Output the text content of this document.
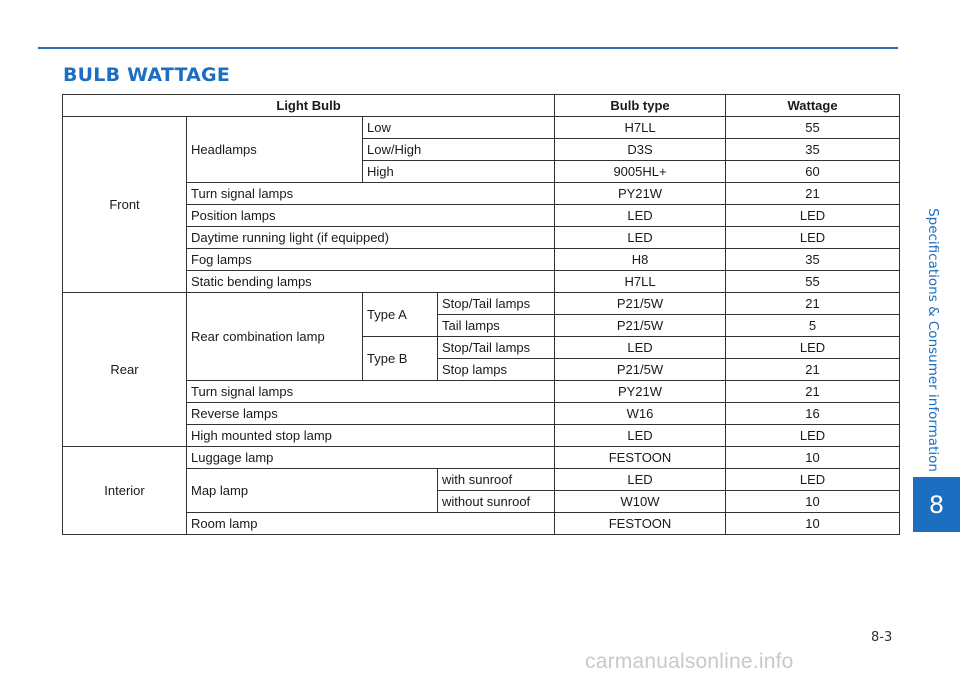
BULB WATTAGE
Specifications & Consumer information
8
Light Bulb				Bulb type	Wattage
Front	Headlamps	Low		H7LL	55
		Low/High		D3S	35
		High		9005HL+	60
	Turn signal lamps			PY21W	21
	Position lamps			LED	LED
	Daytime running light (if equipped)			LED	LED
	Fog lamps			H8	35
	Static bending lamps			H7LL	55
Rear	Rear combination lamp	Type A	Stop/Tail lamps	P21/5W	21
			Tail lamps	P21/5W	5
		Type B	Stop/Tail lamps	LED	LED
			Stop lamps	P21/5W	21
	Turn signal lamps			PY21W	21
	Reverse lamps			W16	16
	High mounted stop lamp			LED	LED
Interior	Luggage lamp			FESTOON	10
	Map lamp		with sunroof	LED	LED
			without sunroof	W10W	10
	Room lamp			FESTOON	10
8-3
carmanualsonline.info
